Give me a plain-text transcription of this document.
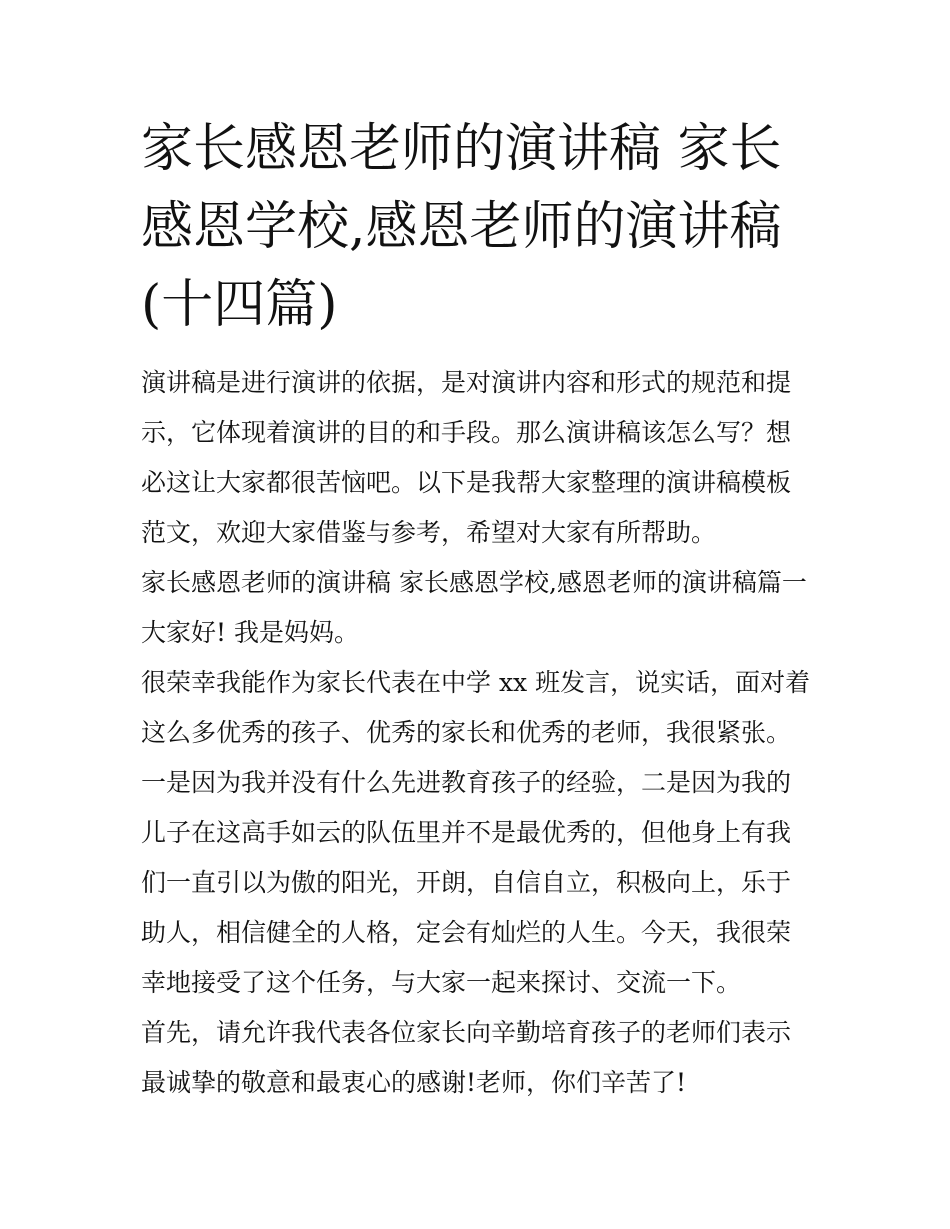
家长感恩老师的演讲稿 家长感恩学校,感恩老师的演讲稿(十四篇)

演讲稿是进行演讲的依据，是对演讲内容和形式的规范和提示，它体现着演讲的目的和手段。那么演讲稿该怎么写？想必这让大家都很苦恼吧。以下是我帮大家整理的演讲稿模板范文，欢迎大家借鉴与参考，希望对大家有所帮助。

家长感恩老师的演讲稿 家长感恩学校,感恩老师的演讲稿篇一

大家好! 我是妈妈。

很荣幸我能作为家长代表在中学 xx 班发言，说实话，面对着这么多优秀的孩子、优秀的家长和优秀的老师，我很紧张。一是因为我并没有什么先进教育孩子的经验，二是因为我的儿子在这高手如云的队伍里并不是最优秀的，但他身上有我们一直引以为傲的阳光，开朗，自信自立，积极向上，乐于助人，相信健全的人格，定会有灿烂的人生。今天，我很荣幸地接受了这个任务，与大家一起来探讨、交流一下。

首先，请允许我代表各位家长向辛勤培育孩子的老师们表示最诚挚的敬意和最衷心的感谢!老师，你们辛苦了!
